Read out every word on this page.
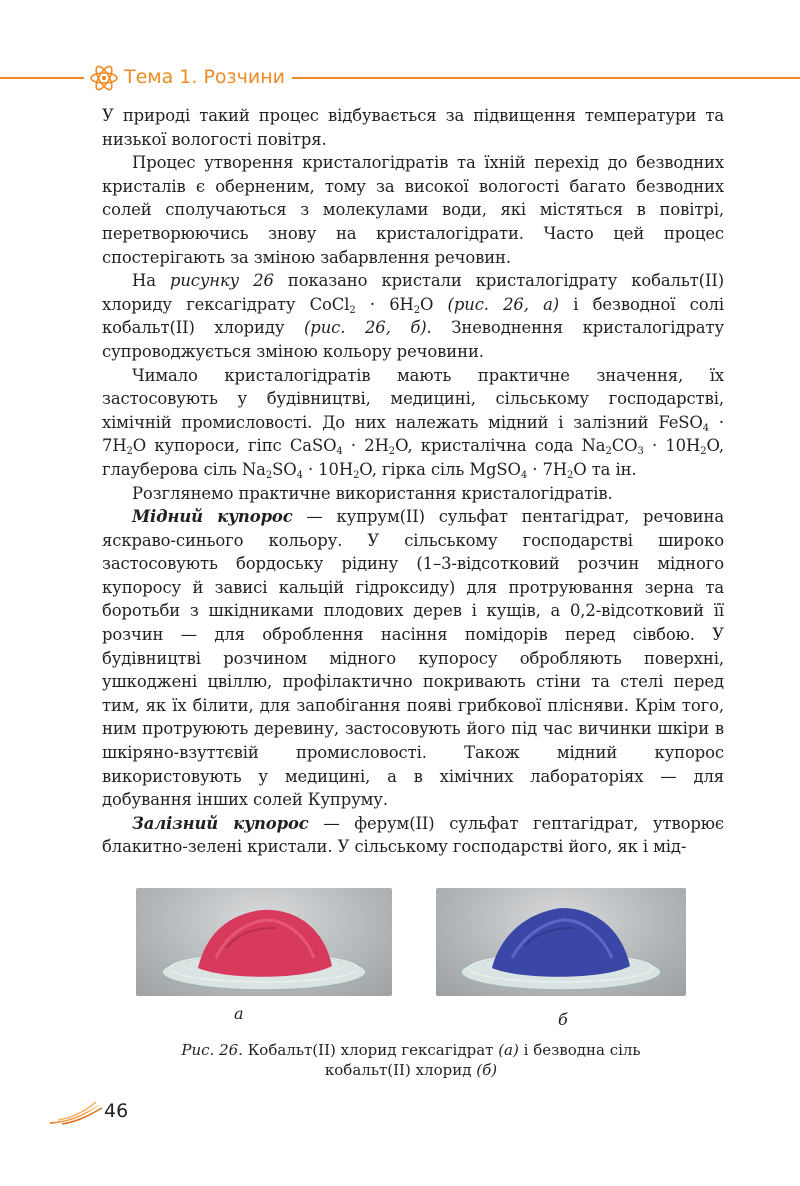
Тема 1. Розчини

У природі такий процес відбувається за підвищення температури та низької вологості повітря.

Процес утворення кристалогідратів та їхній перехід до безводних кристалів є оберненим, тому за високої вологості багато безводних солей сполучаються з молекулами води, які містяться в повітрі, перетворюючись знову на кристалогідрати. Часто цей процес спостерігають за зміною забарвлення речовин.

На рисунку 26 показано кристали кристалогідрату кобальт(ІІ) хлориду гексагідрату CoCl$_2$ · $6H_2O$ (рис. 26, а) і безводної солі кобальт(ІІ) хлориду (рис. 26, б). Зневоднення кристалогідрату супроводжується зміною кольору речовини.

Чимало кристалогідратів мають практичне значення, їх застосовують у будівництві, медицині, сільському господарстві, хімічній промисловості. До них належать мідний і залізний FeSO$_4$ · $7H_2O$ купороси, гіпс CaSO$_4$ · $2H_2O$, кристалічна сода $Na_2CO_3 \cdot 10H_2O$, глауберова сіль $Na_2SO_4 \cdot 10H_2O$, гірка сіль MgSO$_4$ · $7H_2O$ та ін.

Розглянемо практичне використання кристалогідратів.

Мідний купорос — купрум(ІІ) сульфат пентагідрат, речовина яскраво-синього кольору. У сільському господарстві широко застосовують бордоську рідину (1–3-відсотковий розчин мідного купоросу й зависі кальцій гідроксиду) для протруювання зерна та боротьби з шкідниками плодових дерев і кущів, а 0,2-відсотковий її розчин — для оброблення насіння помідорів перед сівбою. У будівництві розчином мідного купоросу обробляють поверхні, ушкоджені цвіллю, профілактично покривають стіни та стелі перед тим, як їх білити, для запобігання появі грибкової плісняви. Крім того, ним протруюють деревину, застосовують його під час вичинки шкіри в шкіряно-взуттєвій промисловості. Також мідний купорос використовують у медицині, а в хімічних лабораторіях — для добування інших солей Купруму.

Залізний купорос — ферум(ІІ) сульфат гептагідрат, утворює блакитно-зелені кристали. У сільському господарстві його, як і мід-

а	б
Рис. 26. Кобальт(ІІ) хлорид гексагідрат (а) і безводна сіль
кобальт(ІІ) хлорид (б)
46
